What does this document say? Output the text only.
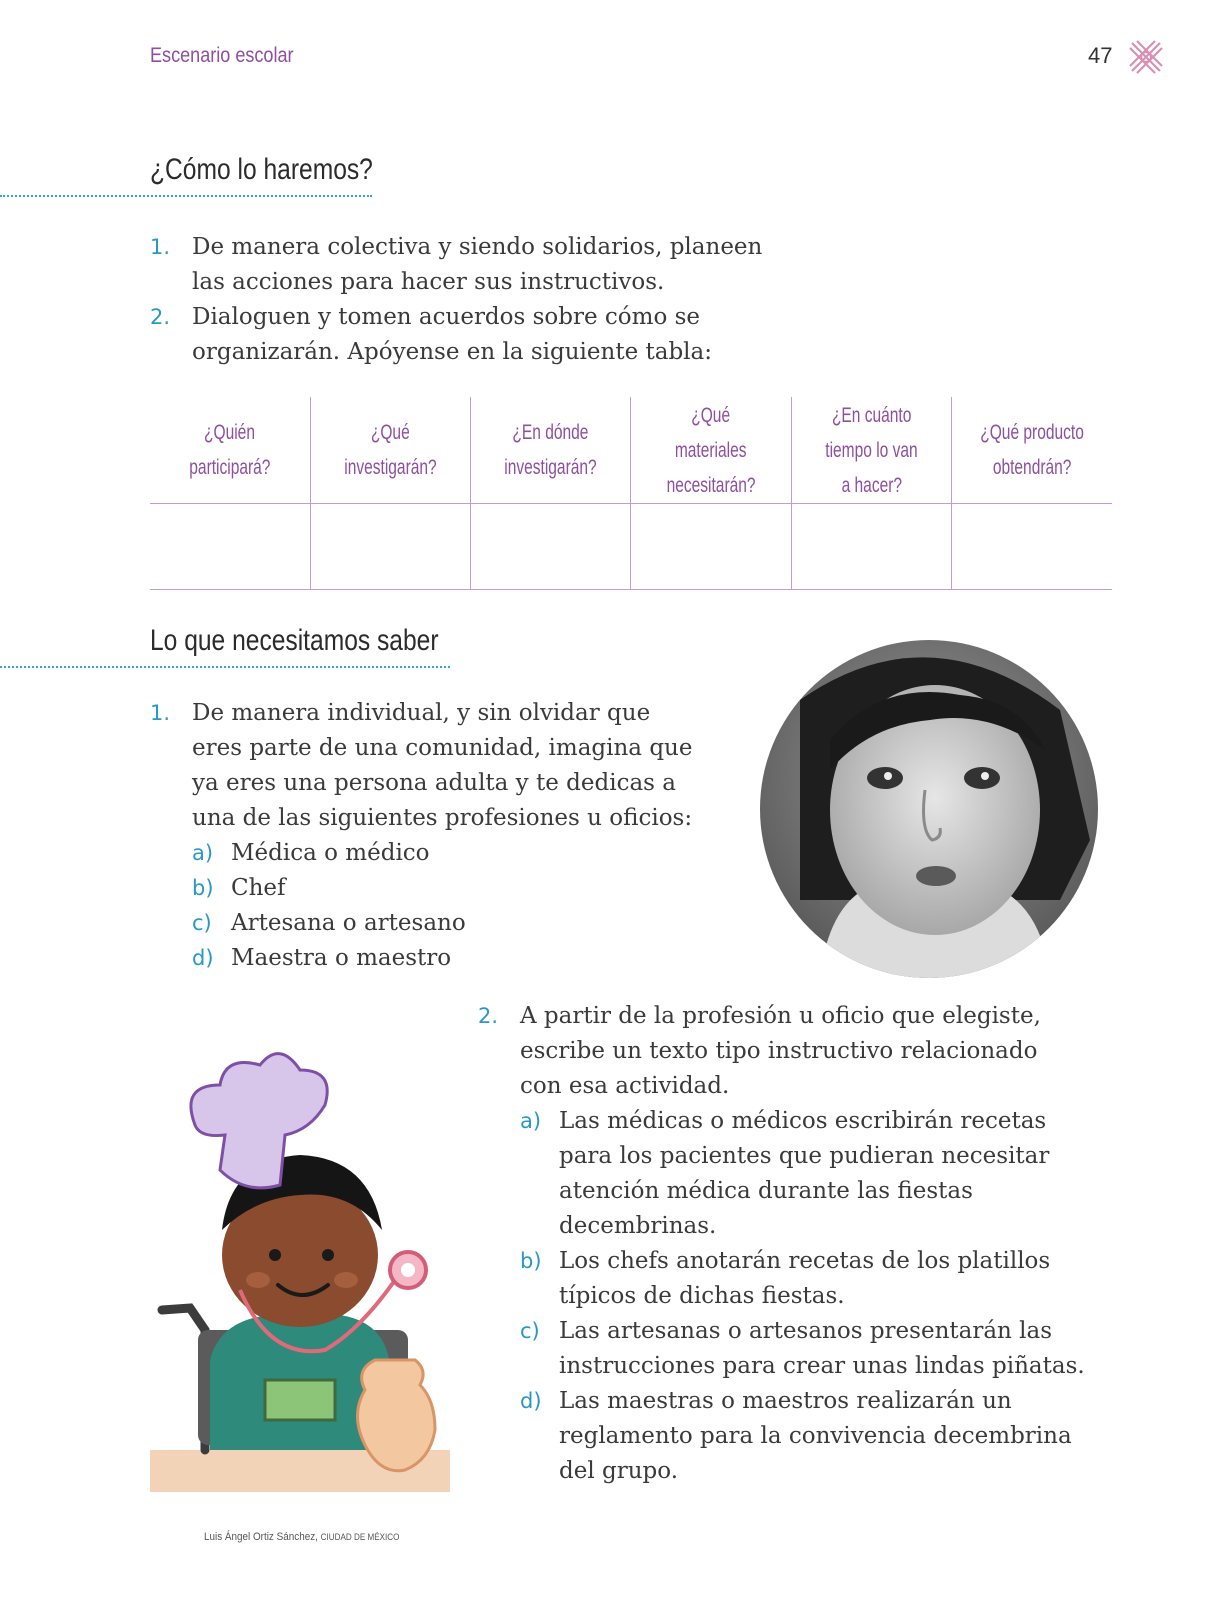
Escenario escolar	47
¿Cómo lo haremos?
1. De manera colectiva y siendo solidarios, planeen
las acciones para hacer sus instructivos.
2. Dialoguen y tomen acuerdos sobre cómo se
organizarán. Apóyense en la siguiente tabla:
¿Quién
participará?	¿Qué
investigarán?	¿En dónde
investigarán?	¿Qué materiales
necesitarán?	¿En cuánto
tiempo lo van
a hacer?	¿Qué producto
obtendrán?

Lo que necesitamos saber
1. De manera individual, y sin olvidar que
eres parte de una comunidad, imagina que
ya eres una persona adulta y te dedicas a
una de las siguientes profesiones u oficios:
a) Médica o médico
b) Chef
c) Artesana o artesano
d) Maestra o maestro
2. A partir de la profesión u oficio que elegiste,
escribe un texto tipo instructivo relacionado
con esa actividad.
a) Las médicas o médicos escribirán recetas
para los pacientes que pudieran necesitar
atención médica durante las fiestas
decembrinas.
b) Los chefs anotarán recetas de los platillos
típicos de dichas fiestas.
c) Las artesanas o artesanos presentarán las
instrucciones para crear unas lindas piñatas.
d) Las maestras o maestros realizarán un
reglamento para la convivencia decembrina
del grupo.
Luis Ángel Ortiz Sánchez, CIUDAD DE MÉXICO
